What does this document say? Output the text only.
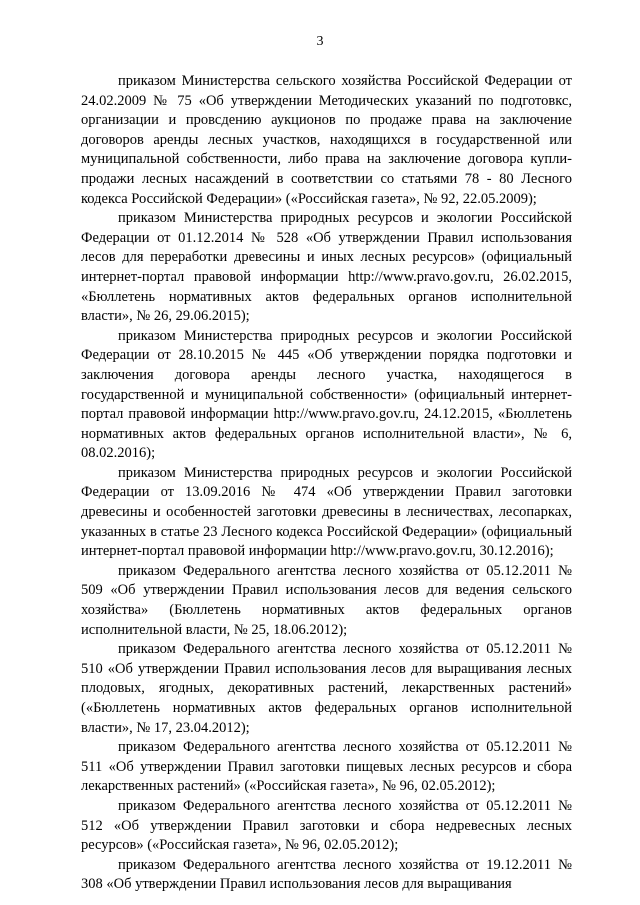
3

приказом Министерства сельского хозяйства Российской Федерации от 24.02.2009 № 75 «Об утверждении Методических указаний по подготовкс, организации и провсдению аукционов по продаже права на заключение договоров аренды лесных участков, находящихся в государственной или муниципальной собственности, либо права на заключение договора купли-продажи лесных насаждений в соответствии со статьями 78 - 80 Лесного кодекса Российской Федерации» («Российская газета», № 92, 22.05.2009);

приказом Министерства природных ресурсов и экологии Российской Федерации от 01.12.2014 № 528 «Об утверждении Правил использования лесов для переработки древесины и иных лесных ресурсов» (официальный интернет-портал правовой информации http://www.pravo.gov.ru, 26.02.2015, «Бюллетень нормативных актов федеральных органов исполнительной власти», № 26, 29.06.2015);

приказом Министерства природных ресурсов и экологии Российской Федерации от 28.10.2015 № 445 «Об утверждении порядка подготовки и заключения договора аренды лесного участка, находящегося в государственной и муниципальной собственности» (официальный интернет-портал правовой информации http://www.pravo.gov.ru, 24.12.2015, «Бюллетень нормативных актов федеральных органов исполнительной власти», № 6, 08.02.2016);

приказом Министерства природных ресурсов и экологии Российской Федерации от 13.09.2016 № 474 «Об утверждении Правил заготовки древесины и особенностей заготовки древесины в лесничествах, лесопарках, указанных в статье 23 Лесного кодекса Российской Федерации» (официальный интернет-портал правовой информации http://www.pravo.gov.ru, 30.12.2016);

приказом Федерального агентства лесного хозяйства от 05.12.2011 № 509 «Об утверждении Правил использования лесов для ведения сельского хозяйства» (Бюллетень нормативных актов федеральных органов исполнительной власти, № 25, 18.06.2012);

приказом Федерального агентства лесного хозяйства от 05.12.2011 № 510 «Об утверждении Правил использования лесов для выращивания лесных плодовых, ягодных, декоративных растений, лекарственных растений» («Бюллетень нормативных актов федеральных органов исполнительной власти», № 17, 23.04.2012);

приказом Федерального агентства лесного хозяйства от 05.12.2011 № 511 «Об утверждении Правил заготовки пищевых лесных ресурсов и сбора лекарственных растений» («Российская газета», № 96, 02.05.2012);

приказом Федерального агентства лесного хозяйства от 05.12.2011 № 512 «Об утверждении Правил заготовки и сбора недревесных лесных ресурсов» («Российская газета», № 96, 02.05.2012);

приказом Федерального агентства лесного хозяйства от 19.12.2011 № 308 «Об утверждении Правил использования лесов для выращивания
